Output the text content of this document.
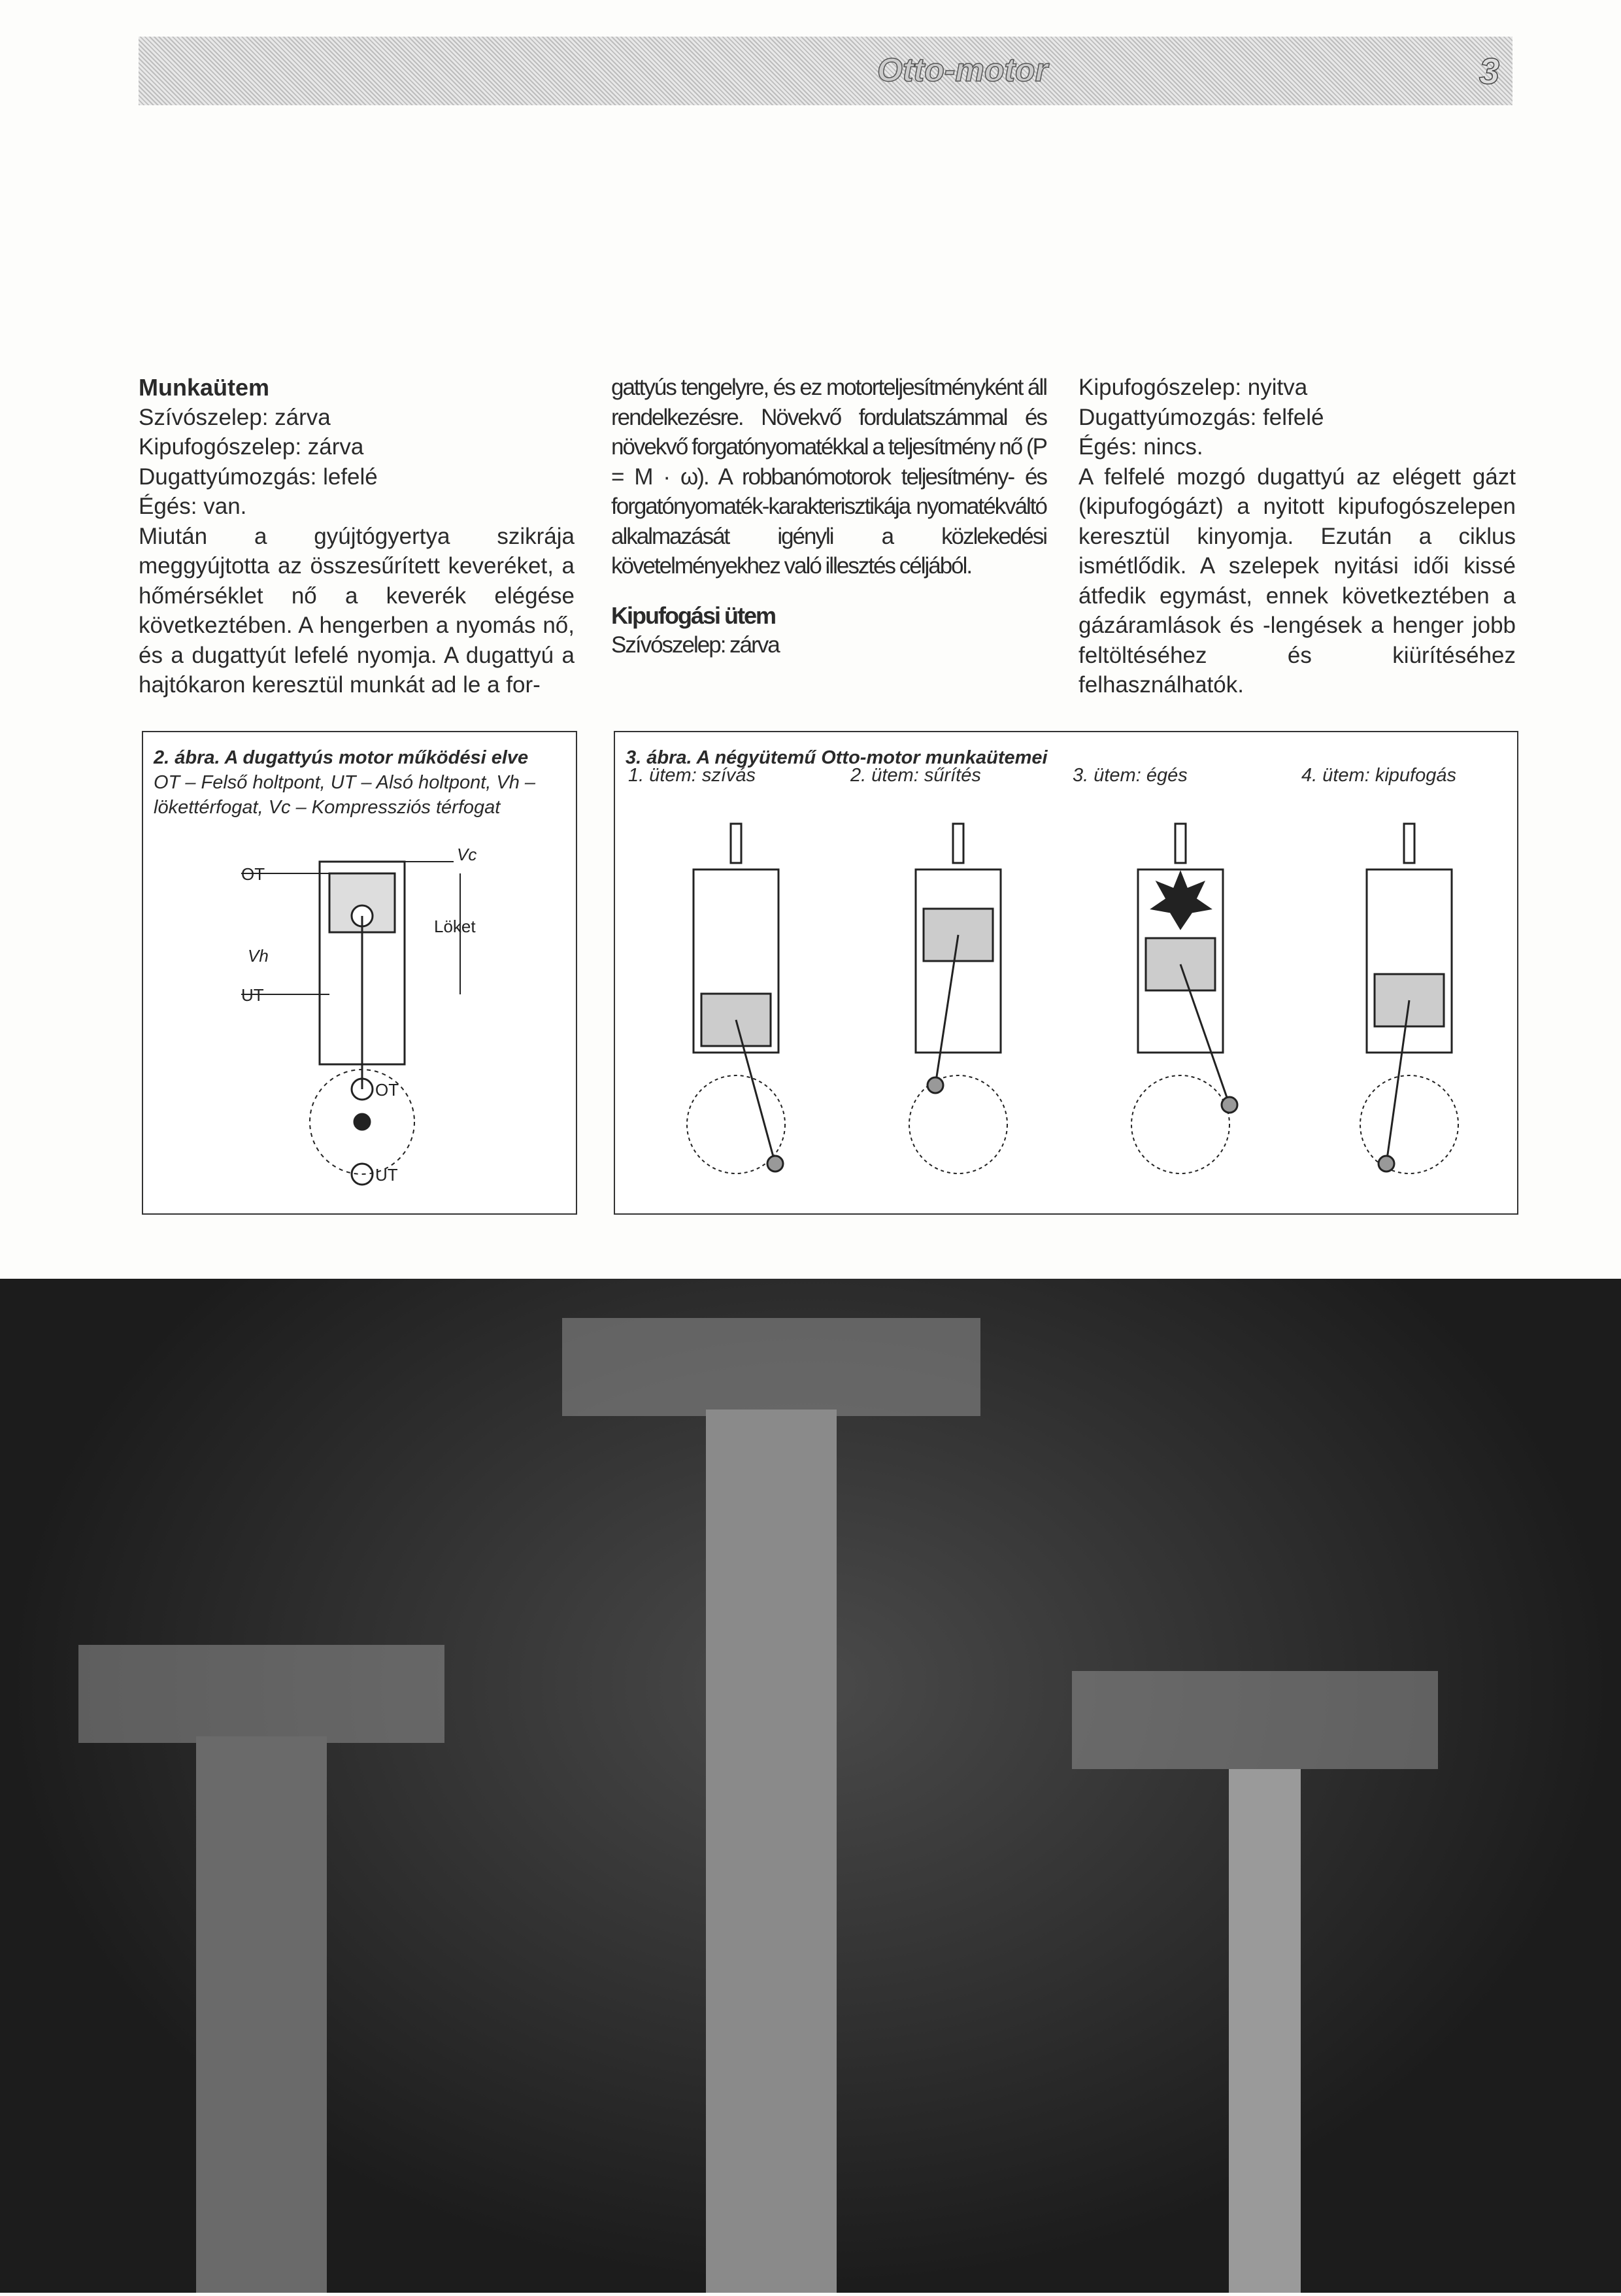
Otto-motor	3
Munkaütem

Szívószelep: zárva

Kipufogószelep: zárva

Dugattyúmozgás: lefelé

Égés: van.

Miután a gyújtógyertya szikrája meggyújtotta az összesűrített keveréket, a hőmérséklet nő a keverék elégése következtében. A hengerben a nyomás nő, és a dugattyút lefelé nyomja. A dugattyú a hajtókaron keresztül munkát ad le a for-

gattyús tengelyre, és ez motorteljesítményként áll rendelkezésre. Növekvő fordulatszámmal és növekvő forgatónyomatékkal a teljesítmény nő (P = M · ω). A robbanómotorok teljesítmény- és forgatónyomaték-karakterisztikája nyomatékváltó alkalmazását igényli a közlekedési követelményekhez való illesztés céljából.

Kipufogási ütem

Szívószelep: zárva

Kipufogószelep: nyitva

Dugattyúmozgás: felfelé

Égés: nincs.

A felfelé mozgó dugattyú az elégett gázt (kipufogógázt) a nyitott kipufogószelepen keresztül kinyomja. Ezután a ciklus ismétlődik. A szelepek nyitási idői kissé átfedik egymást, ennek következtében a gázáramlások és -lengések a henger jobb feltöltéséhez és kiürítéséhez felhasználhatók.

2. ábra. A dugattyús motor működési elve
OT – Felső holtpont, UT – Alsó holtpont, Vh – lökettérfogat, Vc – Kompressziós térfogat
OT
UT
Vh
Vc
Löket
OT
UT
3. ábra. A négyütemű Otto-motor munkaütemei
1. ütem: szívás	2. ütem: sűrítés	3. ütem: égés	4. ütem: kipufogás
